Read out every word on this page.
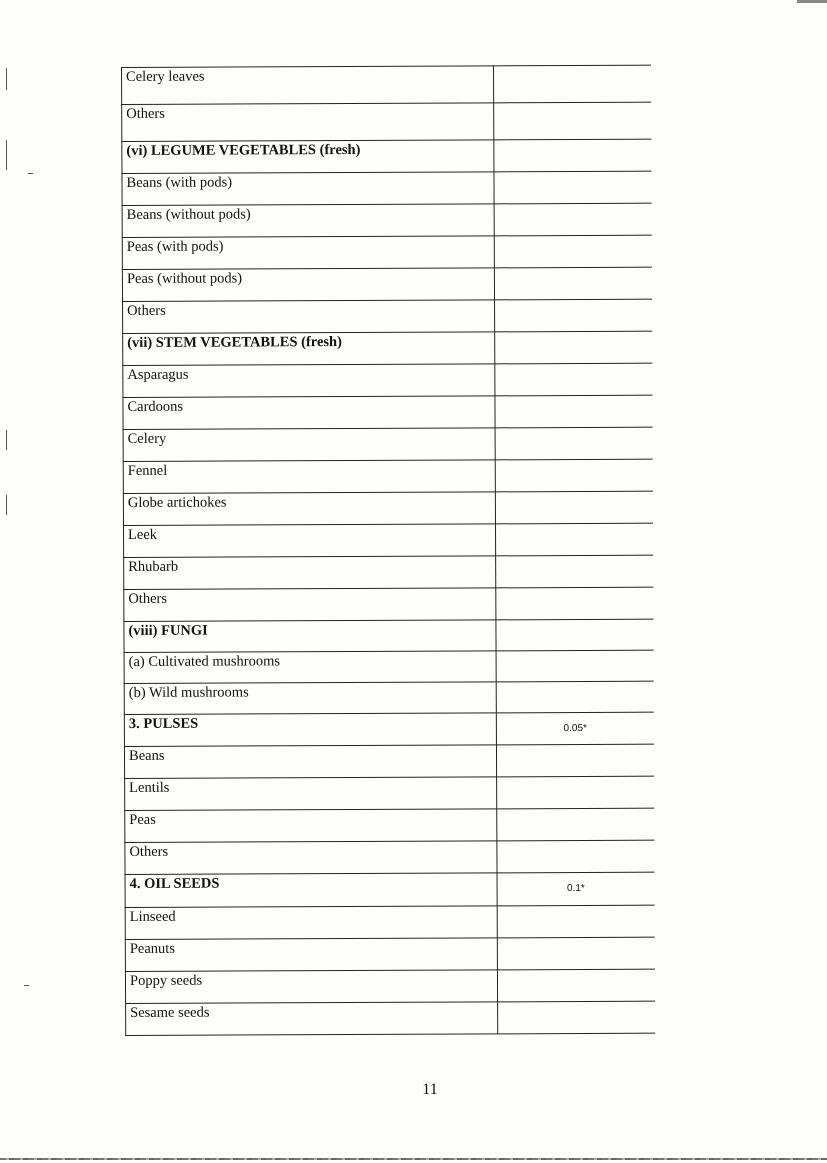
Celery leaves	
Others	
(vi) LEGUME VEGETABLES (fresh)	
Beans (with pods)	
Beans (without pods)	
Peas (with pods)	
Peas (without pods)	
Others	
(vii) STEM VEGETABLES (fresh)	
Asparagus	
Cardoons	
Celery	
Fennel	
Globe artichokes	
Leek	
Rhubarb	
Others	
(viii) FUNGI	
(a) Cultivated mushrooms	
(b) Wild mushrooms	
3. PULSES	0.05*
Beans	
Lentils	
Peas	
Others	
4. OIL SEEDS	0.1*
Linseed	
Peanuts	
Poppy seeds	
Sesame seeds	
11
